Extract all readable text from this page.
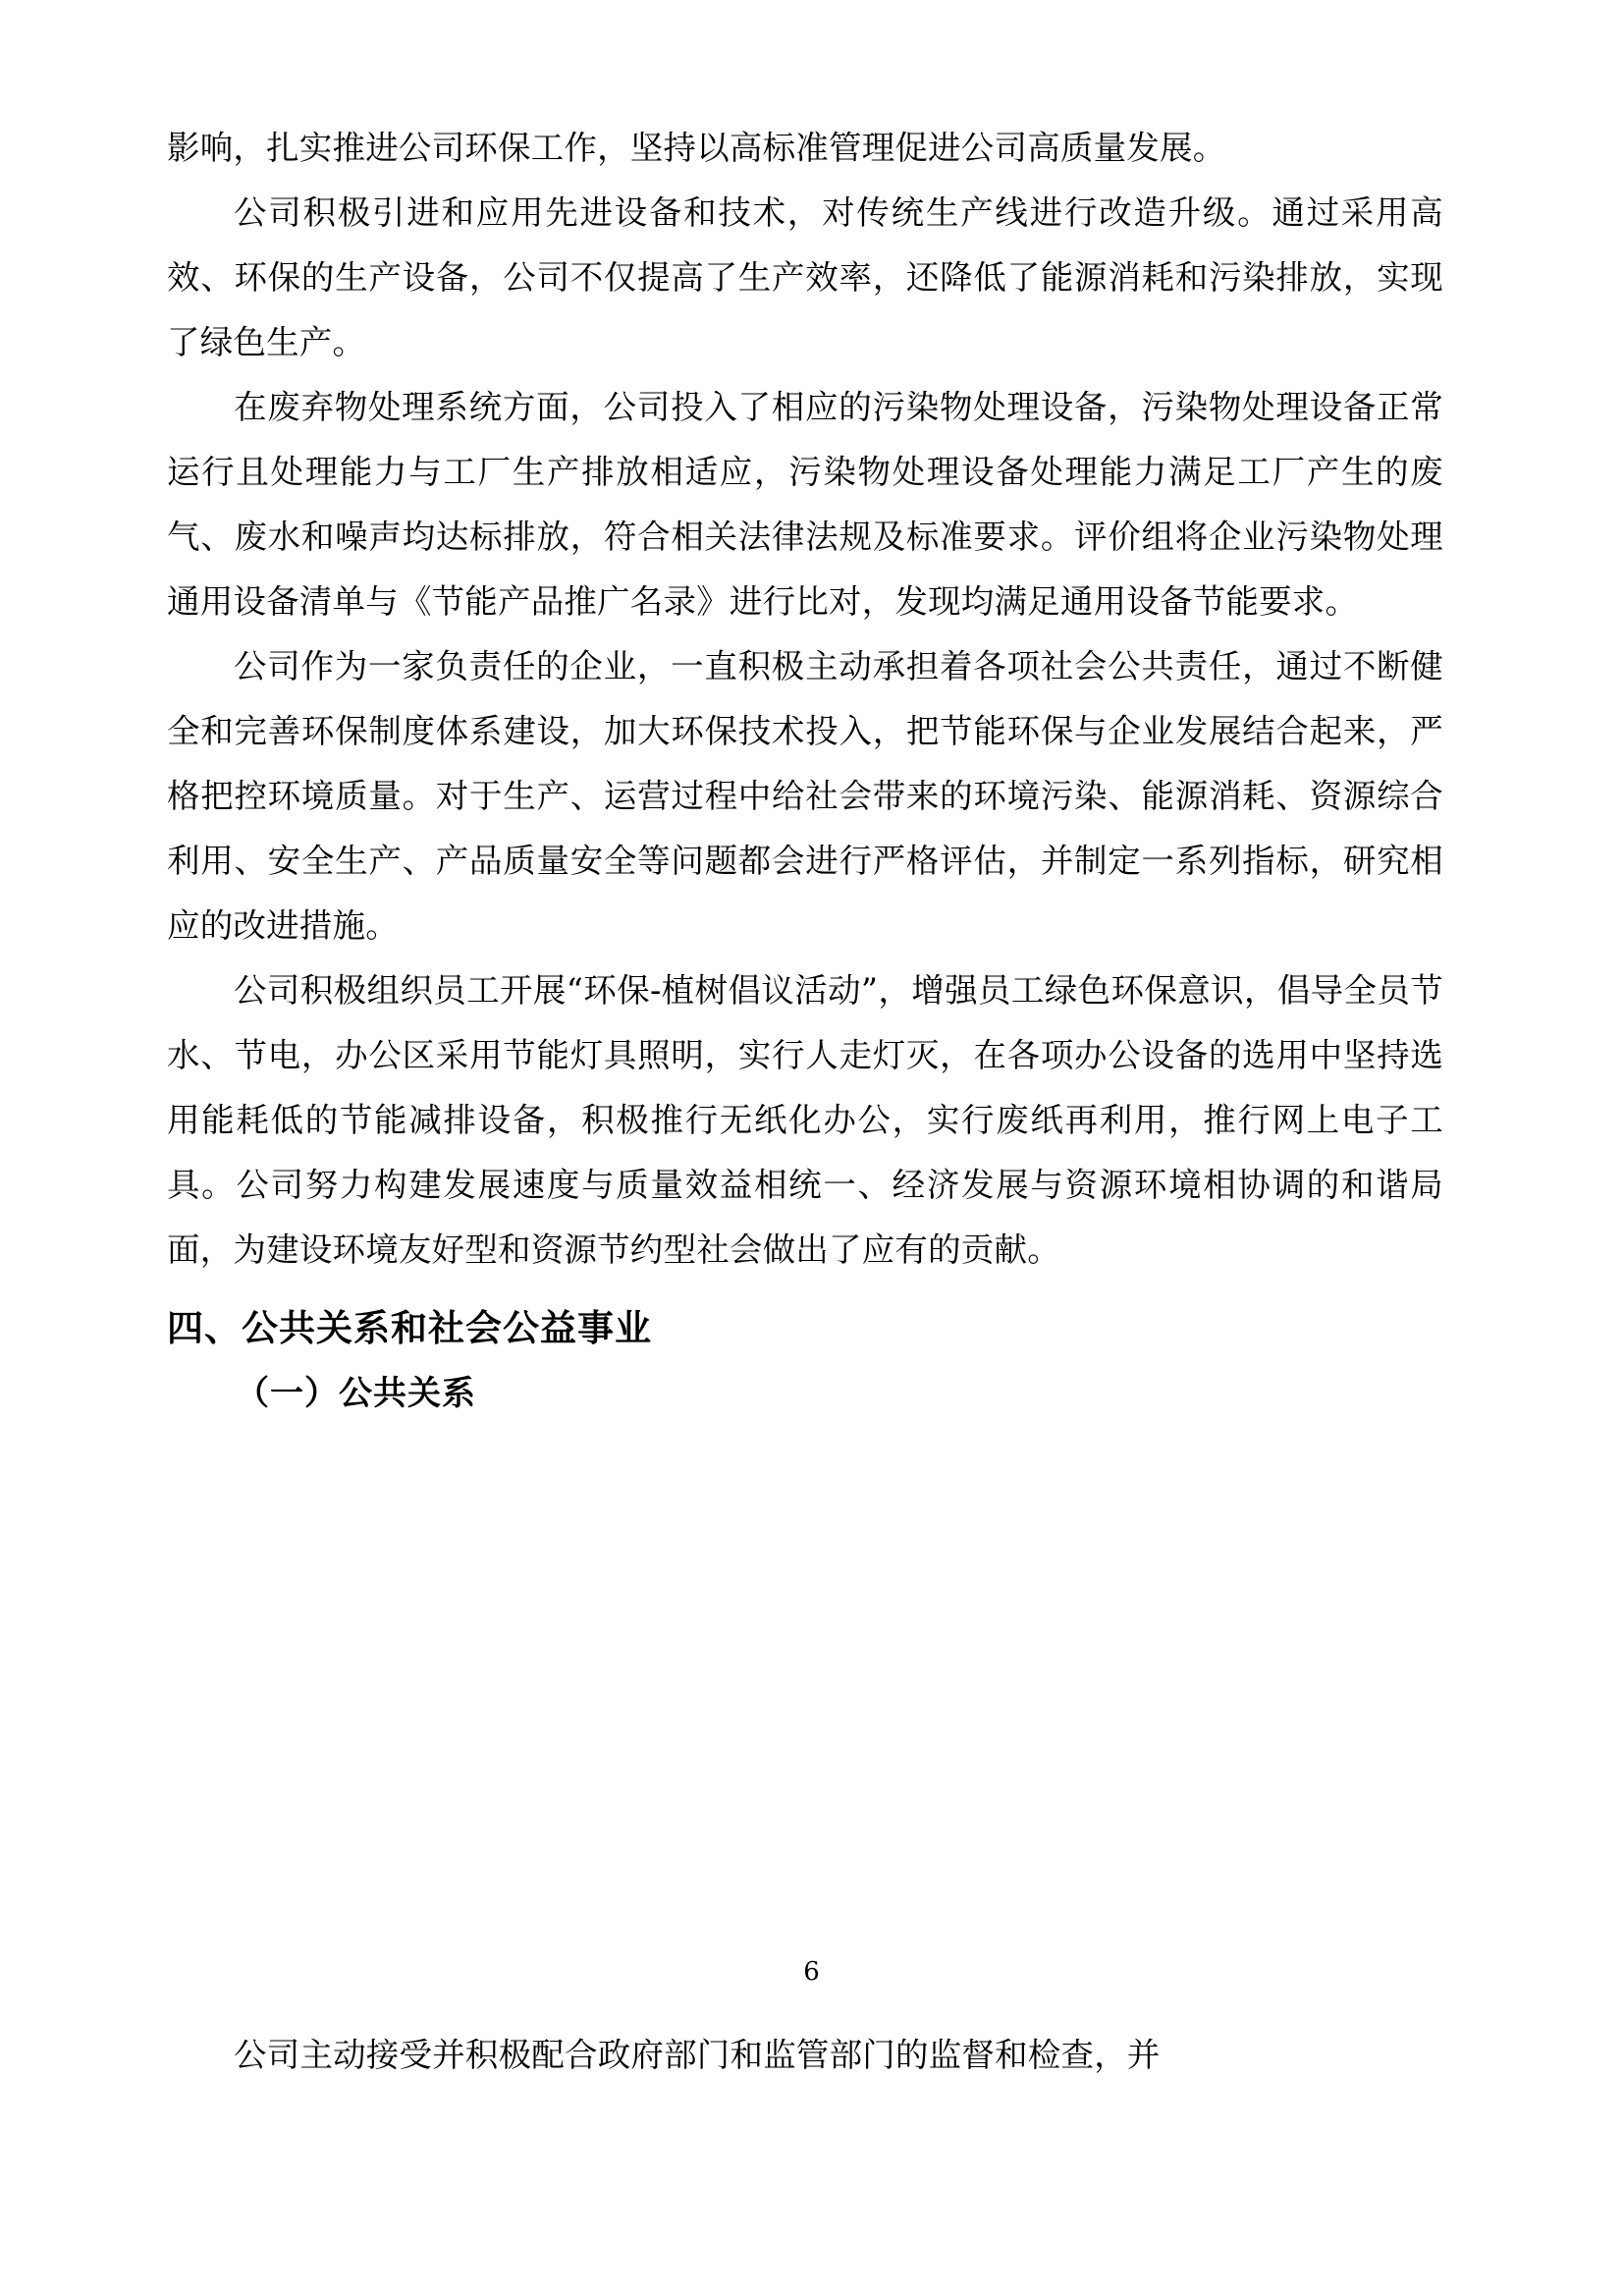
影响，扎实推进公司环保工作，坚持以高标准管理促进公司高质量发展。

公司积极引进和应用先进设备和技术，对传统生产线进行改造升级。通过采用高效、环保的生产设备，公司不仅提高了生产效率，还降低了能源消耗和污染排放，实现了绿色生产。

在废弃物处理系统方面，公司投入了相应的污染物处理设备，污染物处理设备正常运行且处理能力与工厂生产排放相适应，污染物处理设备处理能力满足工厂产生的废气、废水和噪声均达标排放，符合相关法律法规及标准要求。评价组将企业污染物处理通用设备清单与《节能产品推广名录》进行比对，发现均满足通用设备节能要求。

公司作为一家负责任的企业，一直积极主动承担着各项社会公共责任，通过不断健全和完善环保制度体系建设，加大环保技术投入，把节能环保与企业发展结合起来，严格把控环境质量。对于生产、运营过程中给社会带来的环境污染、能源消耗、资源综合利用、安全生产、产品质量安全等问题都会进行严格评估，并制定一系列指标，研究相应的改进措施。

公司积极组织员工开展“环保-植树倡议活动”，增强员工绿色环保意识，倡导全员节水、节电，办公区采用节能灯具照明，实行人走灯灭，在各项办公设备的选用中坚持选用能耗低的节能减排设备，积极推行无纸化办公，实行废纸再利用，推行网上电子工具。公司努力构建发展速度与质量效益相统一、经济发展与资源环境相协调的和谐局面，为建设环境友好型和资源节约型社会做出了应有的贡献。

四、公共关系和社会公益事业
（一）公共关系
6

公司主动接受并积极配合政府部门和监管部门的监督和检查，并
